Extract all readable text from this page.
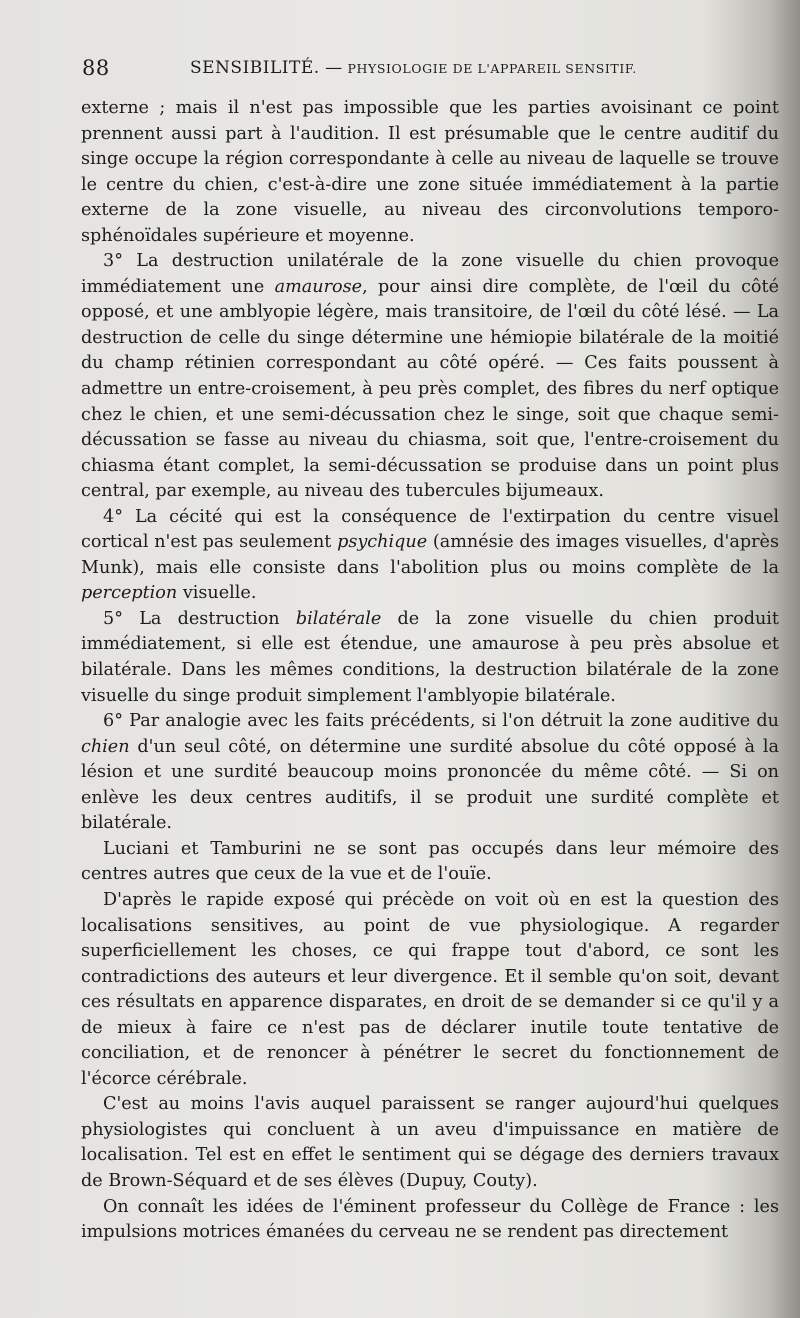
88	SENSIBILITÉ. — PHYSIOLOGIE DE L'APPAREIL SENSITIF.

externe ; mais il n'est pas impossible que les parties avoisinant ce point prennent aussi part à l'audition. Il est présumable que le centre auditif du singe occupe la région correspondante à celle au niveau de laquelle se trouve le centre du chien, c'est-à-dire une zone située immédiatement à la partie externe de la zone visuelle, au niveau des circonvolutions temporo-sphénoïdales supérieure et moyenne.

3° La destruction unilatérale de la zone visuelle du chien provoque immédiatement une amaurose, pour ainsi dire complète, de l'œil du côté opposé, et une amblyopie légère, mais transitoire, de l'œil du côté lésé. — La destruction de celle du singe détermine une hémiopie bilatérale de la moitié du champ rétinien correspondant au côté opéré. — Ces faits poussent à admettre un entre-croisement, à peu près complet, des fibres du nerf optique chez le chien, et une semi-décussation chez le singe, soit que chaque semi-décussation se fasse au niveau du chiasma, soit que, l'entre-croisement du chiasma étant complet, la semi-décussation se produise dans un point plus central, par exemple, au niveau des tubercules bijumeaux.

4° La cécité qui est la conséquence de l'extirpation du centre visuel cortical n'est pas seulement psychique (amnésie des images visuelles, d'après Munk), mais elle consiste dans l'abolition plus ou moins complète de la perception visuelle.

5° La destruction bilatérale de la zone visuelle du chien produit immédiatement, si elle est étendue, une amaurose à peu près absolue et bilatérale. Dans les mêmes conditions, la destruction bilatérale de la zone visuelle du singe produit simplement l'amblyopie bilatérale.

6° Par analogie avec les faits précédents, si l'on détruit la zone auditive du chien d'un seul côté, on détermine une surdité absolue du côté opposé à la lésion et une surdité beaucoup moins prononcée du même côté. — Si on enlève les deux centres auditifs, il se produit une surdité complète et bilatérale.

Luciani et Tamburini ne se sont pas occupés dans leur mémoire des centres autres que ceux de la vue et de l'ouïe.

D'après le rapide exposé qui précède on voit où en est la question des localisations sensitives, au point de vue physiologique. A regarder superficiellement les choses, ce qui frappe tout d'abord, ce sont les contradictions des auteurs et leur divergence. Et il semble qu'on soit, devant ces résultats en apparence disparates, en droit de se demander si ce qu'il y a de mieux à faire ce n'est pas de déclarer inutile toute tentative de conciliation, et de renoncer à pénétrer le secret du fonctionnement de l'écorce cérébrale.

C'est au moins l'avis auquel paraissent se ranger aujourd'hui quelques physiologistes qui concluent à un aveu d'impuissance en matière de localisation. Tel est en effet le sentiment qui se dégage des derniers travaux de Brown-Séquard et de ses élèves (Dupuy, Couty).

On connaît les idées de l'éminent professeur du Collège de France : les impulsions motrices émanées du cerveau ne se rendent pas directement
